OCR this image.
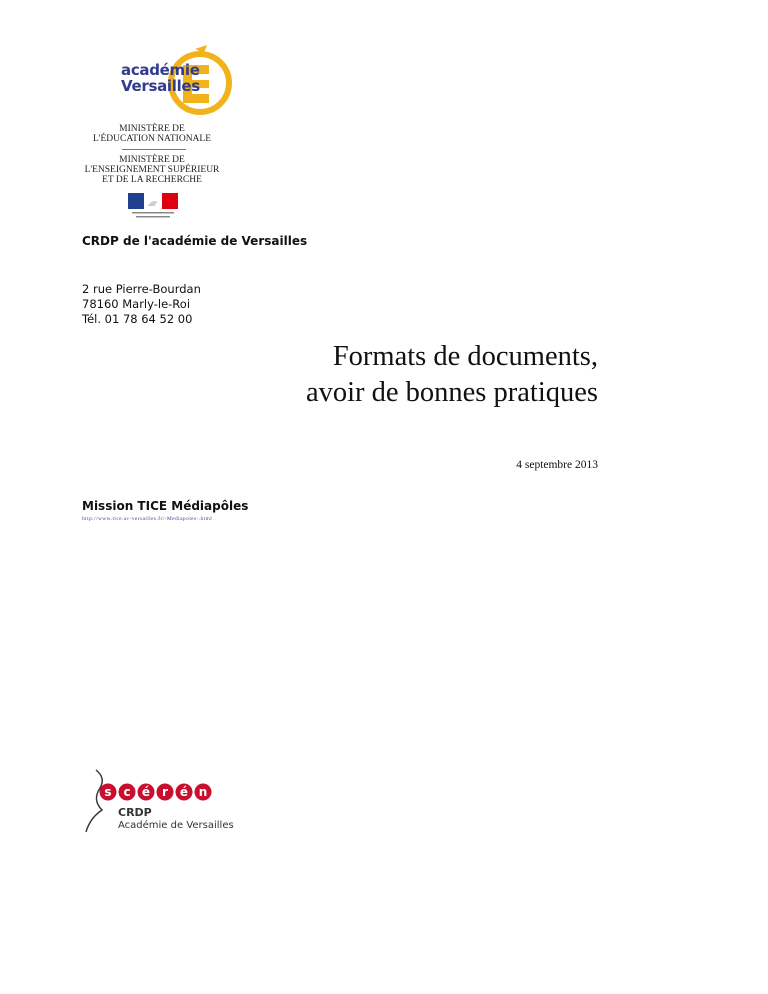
académie
Versailles
MINISTÈRE DE
L'ÉDUCATION NATIONALE
MINISTÈRE DE
L'ENSEIGNEMENT SUPÉRIEUR
ET DE LA RECHERCHE
CRDP de l'académie de Versailles
2 rue Pierre-Bourdan
78160 Marly-le-Roi
Tél. 01 78 64 52 00
Formats de documents,
avoir de bonnes pratiques
4 septembre 2013
Mission TICE Médiapôles
http://www.tice.ac-versailles.fr/-Mediapoles-.html
s c é r é n
CRDP
Académie de Versailles
